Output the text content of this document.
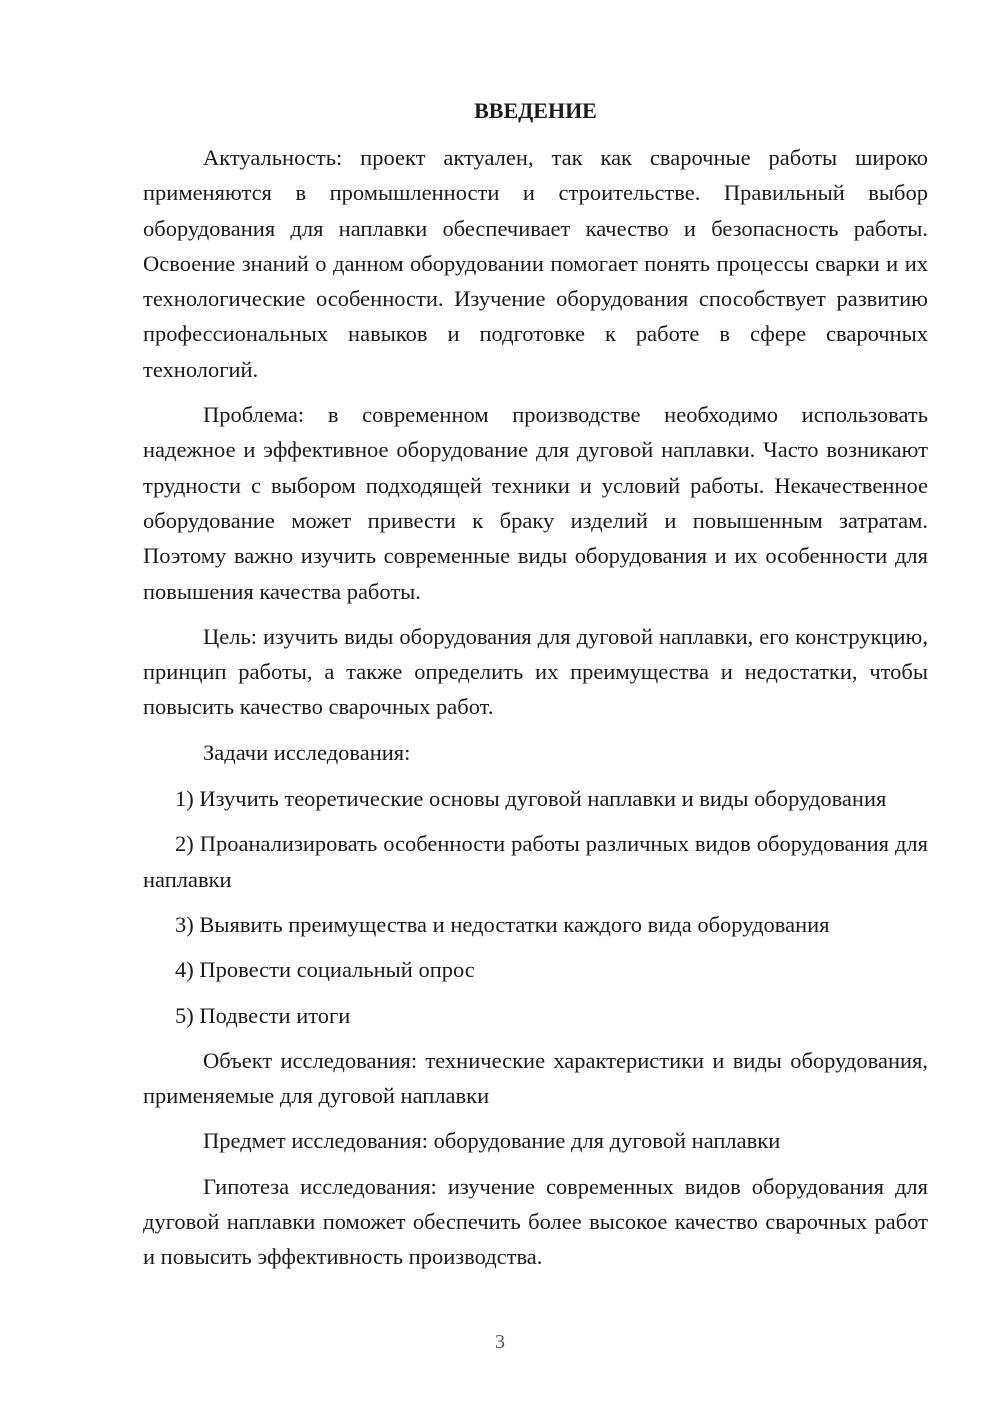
ВВЕДЕНИЕ

Актуальность: проект актуален, так как сварочные работы широко применяются в промышленности и строительстве. Правильный выбор оборудования для наплавки обеспечивает качество и безопасность работы. Освоение знаний о данном оборудовании помогает понять процессы сварки и их технологические особенности. Изучение оборудования способствует развитию профессиональных навыков и подготовке к работе в сфере сварочных технологий.

Проблема: в современном производстве необходимо использовать надежное и эффективное оборудование для дуговой наплавки. Часто возникают трудности с выбором подходящей техники и условий работы. Некачественное оборудование может привести к браку изделий и повышенным затратам. Поэтому важно изучить современные виды оборудования и их особенности для повышения качества работы.

Цель: изучить виды оборудования для дуговой наплавки, его конструкцию, принцип работы, а также определить их преимущества и недостатки, чтобы повысить качество сварочных работ.

Задачи исследования:

1) Изучить теоретические основы дуговой наплавки и виды оборудования

2) Проанализировать особенности работы различных видов оборудования для наплавки

3) Выявить преимущества и недостатки каждого вида оборудования

4) Провести социальный опрос

5) Подвести итоги

Объект исследования: технические характеристики и виды оборудования, применяемые для дуговой наплавки

Предмет исследования: оборудование для дуговой наплавки

Гипотеза исследования: изучение современных видов оборудования для дуговой наплавки поможет обеспечить более высокое качество сварочных работ и повысить эффективность производства.

3
